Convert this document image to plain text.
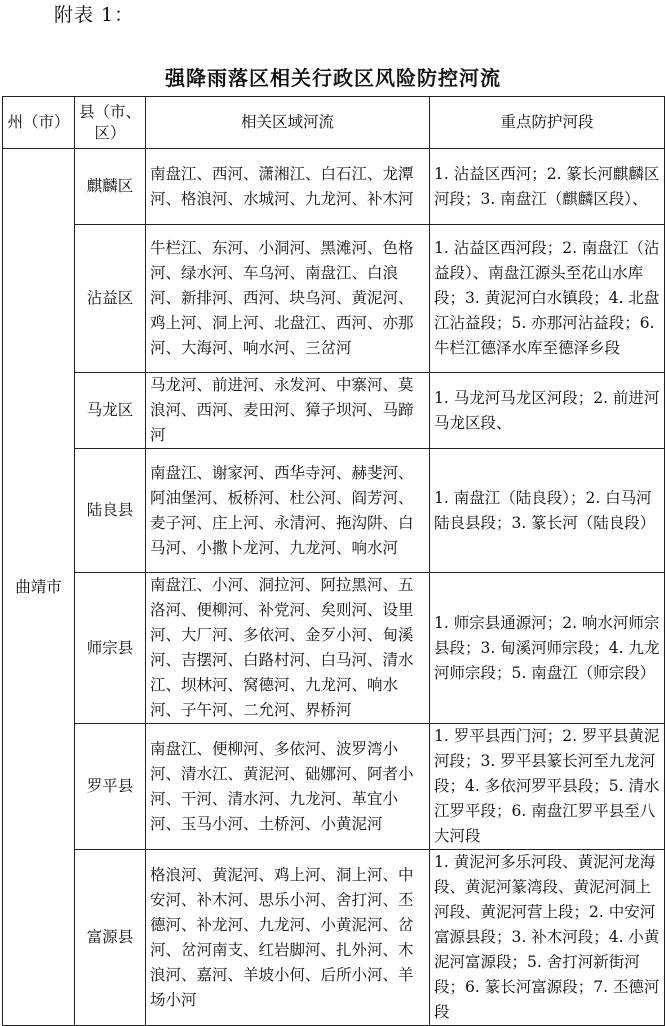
附表 1：
强降雨落区相关行政区风险防控河流
州（市）	县（市、区）	相关区域河流	重点防护河段
曲靖市	麒麟区	南盘江、西河、潇湘江、白石江、龙潭河、格浪河、水城河、九龙河、补木河	1. 沾益区西河；2. 篆长河麒麟区河段；3. 南盘江（麒麟区段）、
	沾益区	牛栏江、东河、小洞河、黑滩河、色格河、绿水河、车乌河、南盘江、白浪河、新排河、西河、块乌河、黄泥河、鸡上河、洞上河、北盘江、西河、亦那河、大海河、响水河、三岔河	1. 沾益区西河段；2. 南盘江（沾益段）、南盘江源头至花山水库段；3. 黄泥河白水镇段；4. 北盘江沾益段；5. 亦那河沾益段；6. 牛栏江德泽水库至德泽乡段
	马龙区	马龙河、前进河、永发河、中寨河、莫浪河、西河、麦田河、獐子坝河、马蹄河	1. 马龙河马龙区河段；2. 前进河马龙区段、
	陆良县	南盘江、谢家河、西华寺河、赫斐河、阿油堡河、板桥河、杜公河、阎芳河、麦子河、庄上河、永清河、拖沟阱、白马河、小撒卜龙河、九龙河、响水河	1. 南盘江（陆良段）；2. 白马河陆良县段；3. 篆长河（陆良段）
	师宗县	南盘江、小河、洞拉河、阿拉黑河、五洛河、便柳河、补党河、矣则河、设里河、大厂河、多依河、金歹小河、甸溪河、吉摆河、白路村河、白马河、清水江、坝林河、窝德河、九龙河、响水河、子午河、二允河、界桥河	1. 师宗县通源河；2. 响水河师宗县段；3. 甸溪河师宗段；4. 九龙河师宗段；5. 南盘江（师宗段）
	罗平县	南盘江、便柳河、多依河、波罗湾小河、清水江、黄泥河、础娜河、阿者小河、干河、清水河、九龙河、革宜小河、玉马小河、土桥河、小黄泥河	1. 罗平县西门河；2. 罗平县黄泥河段；3. 罗平县篆长河至九龙河段；4. 多依河罗平县段；5. 清水江罗平段；6. 南盘江罗平县至八大河段
	富源县	格浪河、黄泥河、鸡上河、洞上河、中安河、补木河、思乐小河、舍打河、丕德河、补龙河、九龙河、小黄泥河、岔河、岔河南支、红岩脚河、扎外河、木浪河、嘉河、羊坡小何、后所小河、羊场小河	1. 黄泥河多乐河段、黄泥河龙海段、黄泥河篆湾段、黄泥河洞上河段、黄泥河营上段；2. 中安河富源县段；3. 补木河段；4. 小黄泥河富源段；5. 舍打河新街河段；6. 篆长河富源段；7. 丕德河段
